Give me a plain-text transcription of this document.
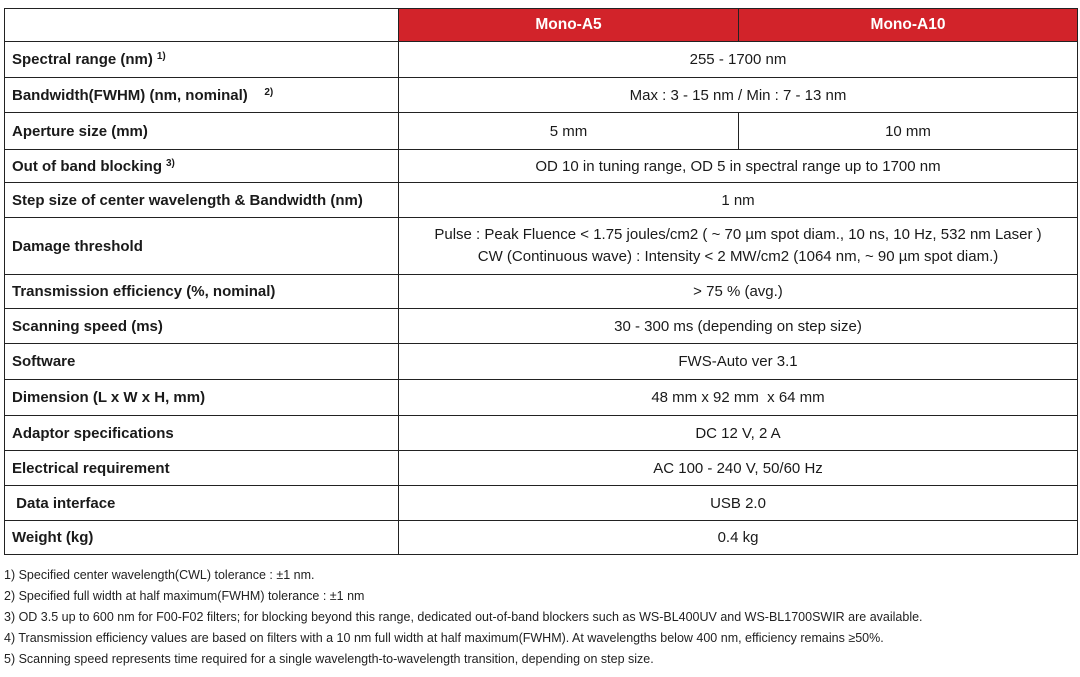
	Mono-A5	Mono-A10
Spectral range (nm) $^{1)}$	255 - 1700 nm	
Bandwidth(FWHM) (nm, nominal) $^{2)}$	Max : 3 - 15 nm / Min : 7 - 13 nm	
Aperture size (mm)	5 mm	10 mm
Out of band blocking $^{3)}$	OD 10 in tuning range, OD 5 in spectral range up to 1700 nm	
Step size of center wavelength & Bandwidth (nm)	1 nm	
Damage threshold	Pulse : Peak Fluence < 1.75 joules/cm2 ( ~ 70 µm spot diam., 10 ns, 10 Hz, 532 nm Laser )
CW (Continuous wave) : Intensity < 2 MW/cm2 (1064 nm, ~ 90 µm spot diam.)	

Transmission efficiency (%, nominal)	> 75 % (avg.)	
Scanning speed (ms)	30 - 300 ms (depending on step size)	
Software	FWS-Auto ver 3.1	
Dimension (L x W x H, mm)	48 mm x 92 mm  x 64 mm	
Adaptor specifications	DC 12 V, 2 A	
Electrical requirement	AC 100 - 240 V, 50/60 Hz	
Data interface	USB 2.0	
Weight (kg)	0.4 kg	
1) Specified center wavelength(CWL) tolerance : ±1 nm.
2) Specified full width at half maximum(FWHM) tolerance : ±1 nm
3) OD 3.5 up to 600 nm for F00-F02 filters; for blocking beyond this range, dedicated out-of-band blockers such as WS-BL400UV and WS-BL1700SWIR are available.
4) Transmission efficiency values are based on filters with a 10 nm full width at half maximum(FWHM). At wavelengths below 400 nm, efficiency remains ≥50%.
5) Scanning speed represents time required for a single wavelength-to-wavelength transition, depending on step size.
